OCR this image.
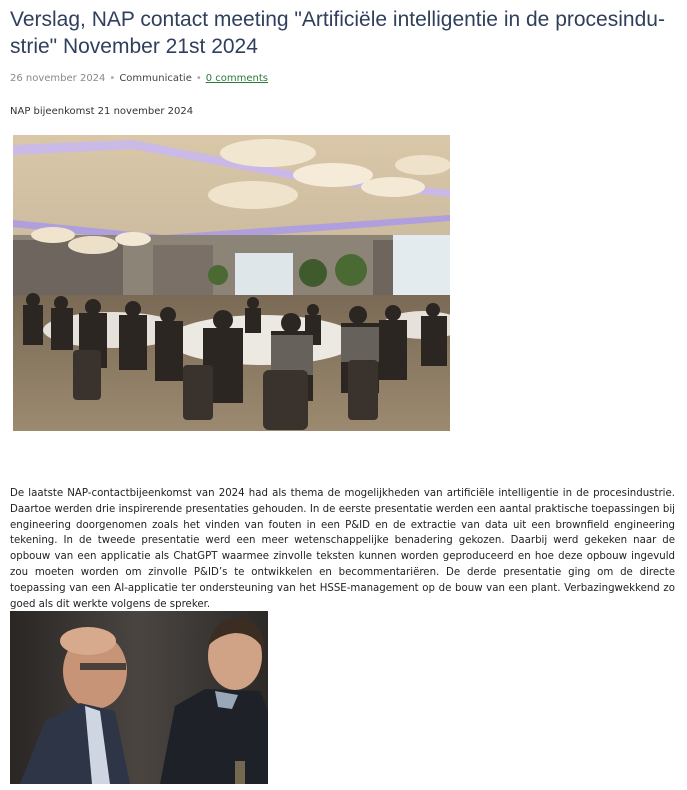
Verslag, NAP contact meeting "Artificiële intelligentie in de procesindustrie" November 21st 2024
26 november 2024 • Communicatie • 0 comments
NAP bijeenkomst 21 november 2024

De laatste NAP-contactbijeenkomst van 2024 had als thema de mogelijkheden van artificiële intelligentie in de procesindustrie. Daartoe werden drie inspirerende presentaties gehouden. In de eerste presentatie werden een aantal praktische toepassingen bij engineering doorgenomen zoals het vinden van fouten in een P&ID en de extractie van data uit een brownfield engineering tekening. In de tweede presentatie werd een meer wetenschappelijke benadering gekozen. Daarbij werd gekeken naar de opbouw van een applicatie als ChatGPT waarmee zinvolle teksten kunnen worden geproduceerd en hoe deze opbouw ingevuld zou moeten worden om zinvolle P&ID’s te ontwikkelen en becommentariëren. De derde presentatie ging om de directe toepassing van een AI-applicatie ter ondersteuning van het HSSE-management op de bouw van een plant. Verbazingwekkend zo goed als dit werkte volgens de spreker.
